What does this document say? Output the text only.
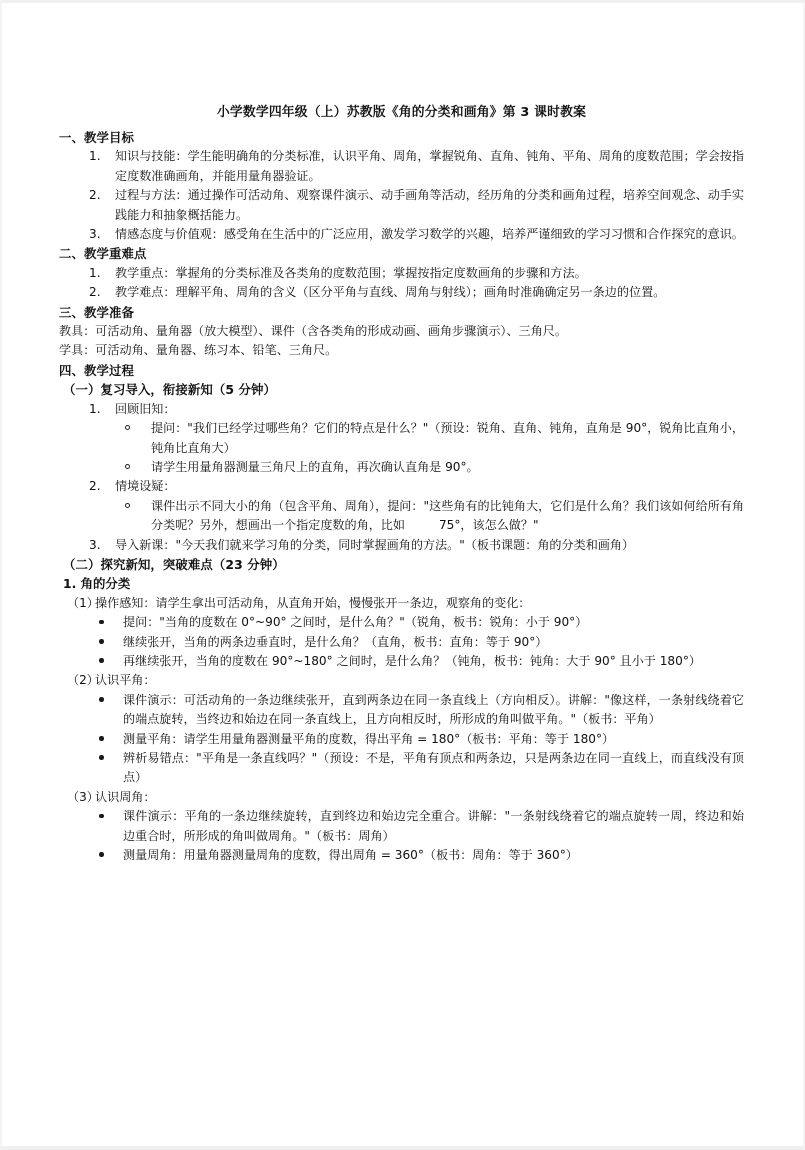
小学数学四年级（上）苏教版《角的分类和画角》第 3 课时教案
一、教学目标
1.	知识与技能：学生能明确角的分类标准，认识平角、周角，掌握锐角、直角、钝角、平角、周角的度数范围；学会按指定度数准确画角，并能用量角器验证。
2.	过程与方法：通过操作可活动角、观察课件演示、动手画角等活动，经历角的分类和画角过程，培养空间观念、动手实践能力和抽象概括能力。
3.	情感态度与价值观：感受角在生活中的广泛应用，激发学习数学的兴趣，培养严谨细致的学习习惯和合作探究的意识。
二、教学重难点
1.	教学重点：掌握角的分类标准及各类角的度数范围；掌握按指定度数画角的步骤和方法。
2.	教学难点：理解平角、周角的含义（区分平角与直线、周角与射线）；画角时准确确定另一条边的位置。
三、教学准备
教具：可活动角、量角器（放大模型）、课件（含各类角的形成动画、画角步骤演示）、三角尺。
学具：可活动角、量角器、练习本、铅笔、三角尺。
四、教学过程
（一）复习导入，衔接新知（5 分钟）
1.	回顾旧知：
提问："我们已经学过哪些角？它们的特点是什么？"（预设：锐角、直角、钝角，直角是 90°，锐角比直角小，钝角比直角大）
请学生用量角器测量三角尺上的直角，再次确认直角是 90°。
2.	情境设疑：
课件出示不同大小的角（包含平角、周角），提问："这些角有的比钝角大，它们是什么角？我们该如何给所有角分类呢？另外，想画出一个指定度数的角，比如	75°，该怎么做？"
3.	导入新课："今天我们就来学习角的分类，同时掌握画角的方法。"（板书课题：角的分类和画角）
（二）探究新知，突破难点（23 分钟）
1. 角的分类
（1）
操作感知：请学生拿出可活动角，从直角开始，慢慢张开一条边，观察角的变化：
提问："当角的度数在 0°~90° 之间时，是什么角？"（锐角，板书：锐角：小于 90°）
继续张开，当角的两条边垂直时，是什么角？（直角，板书：直角：等于 90°）
再继续张开，当角的度数在 90°~180° 之间时，是什么角？（钝角，板书：钝角：大于 90° 且小于 180°）
（2）
认识平角：
课件演示：可活动角的一条边继续张开，直到两条边在同一条直线上（方向相反）。讲解："像这样，一条射线绕着它的端点旋转，当终边和始边在同一条直线上，且方向相反时，所形成的角叫做平角。"（板书：平角）
测量平角：请学生用量角器测量平角的度数，得出平角 = 180°（板书：平角：等于 180°）
辨析易错点："平角是一条直线吗？"（预设：不是，平角有顶点和两条边，只是两条边在同一直线上，而直线没有顶点）
（3）
认识周角：
课件演示：平角的一条边继续旋转，直到终边和始边完全重合。讲解："一条射线绕着它的端点旋转一周，终边和始边重合时，所形成的角叫做周角。"（板书：周角）
测量周角：用量角器测量周角的度数，得出周角 = 360°（板书：周角：等于 360°）
